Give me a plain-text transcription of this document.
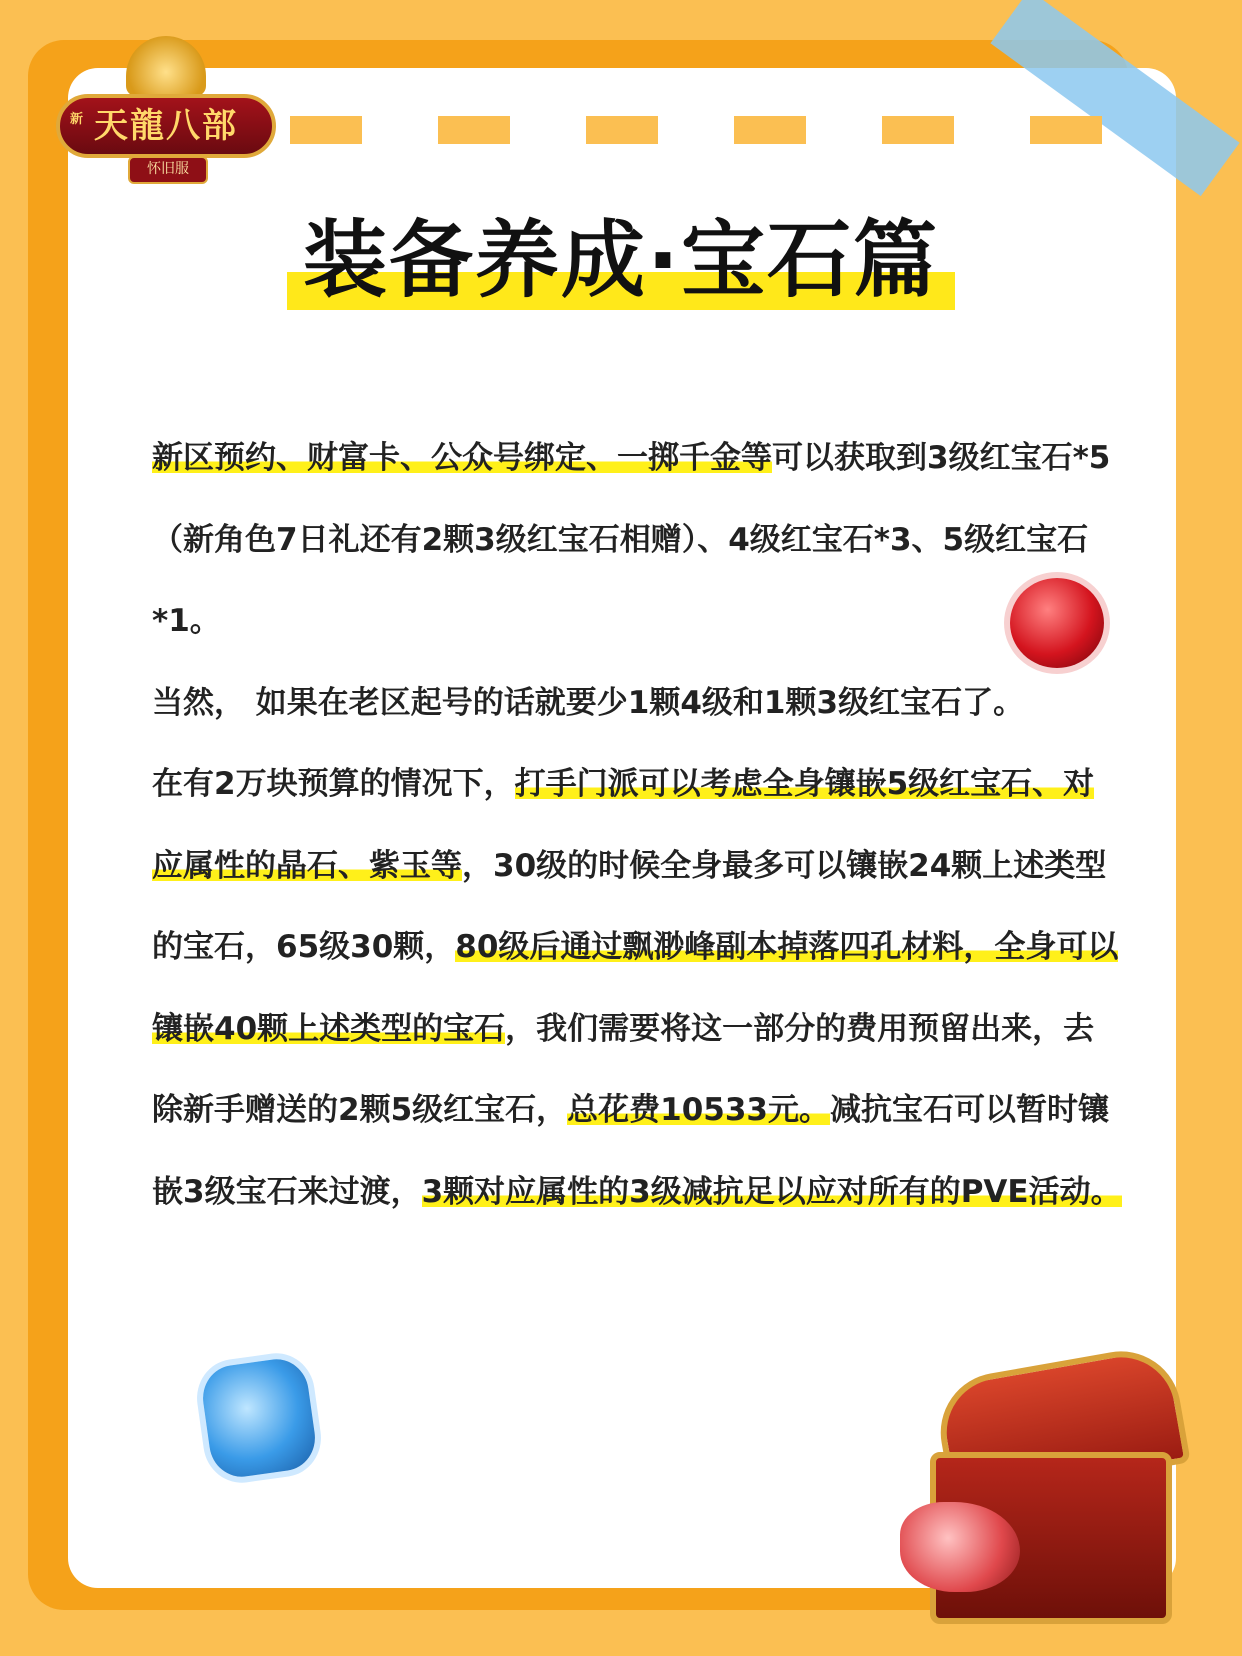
天龍八部
新
怀旧服
装备养成·宝石篇

新区预约、财富卡、公众号绑定、一掷千金等可以获取到3级红宝石*5（新角色7日礼还有2颗3级红宝石相赠）、4级红宝石*3、5级红宝石*1。

当然， 如果在老区起号的话就要少1颗4级和1颗3级红宝石了。

在有2万块预算的情况下，打手门派可以考虑全身镶嵌5级红宝石、对应属性的晶石、紫玉等，30级的时候全身最多可以镶嵌24颗上述类型的宝石，65级30颗，80级后通过飘渺峰副本掉落四孔材料，全身可以镶嵌40颗上述类型的宝石，我们需要将这一部分的费用预留出来，去除新手赠送的2颗5级红宝石，总花费10533元。减抗宝石可以暂时镶嵌3级宝石来过渡，3颗对应属性的3级减抗足以应对所有的PVE活动。
